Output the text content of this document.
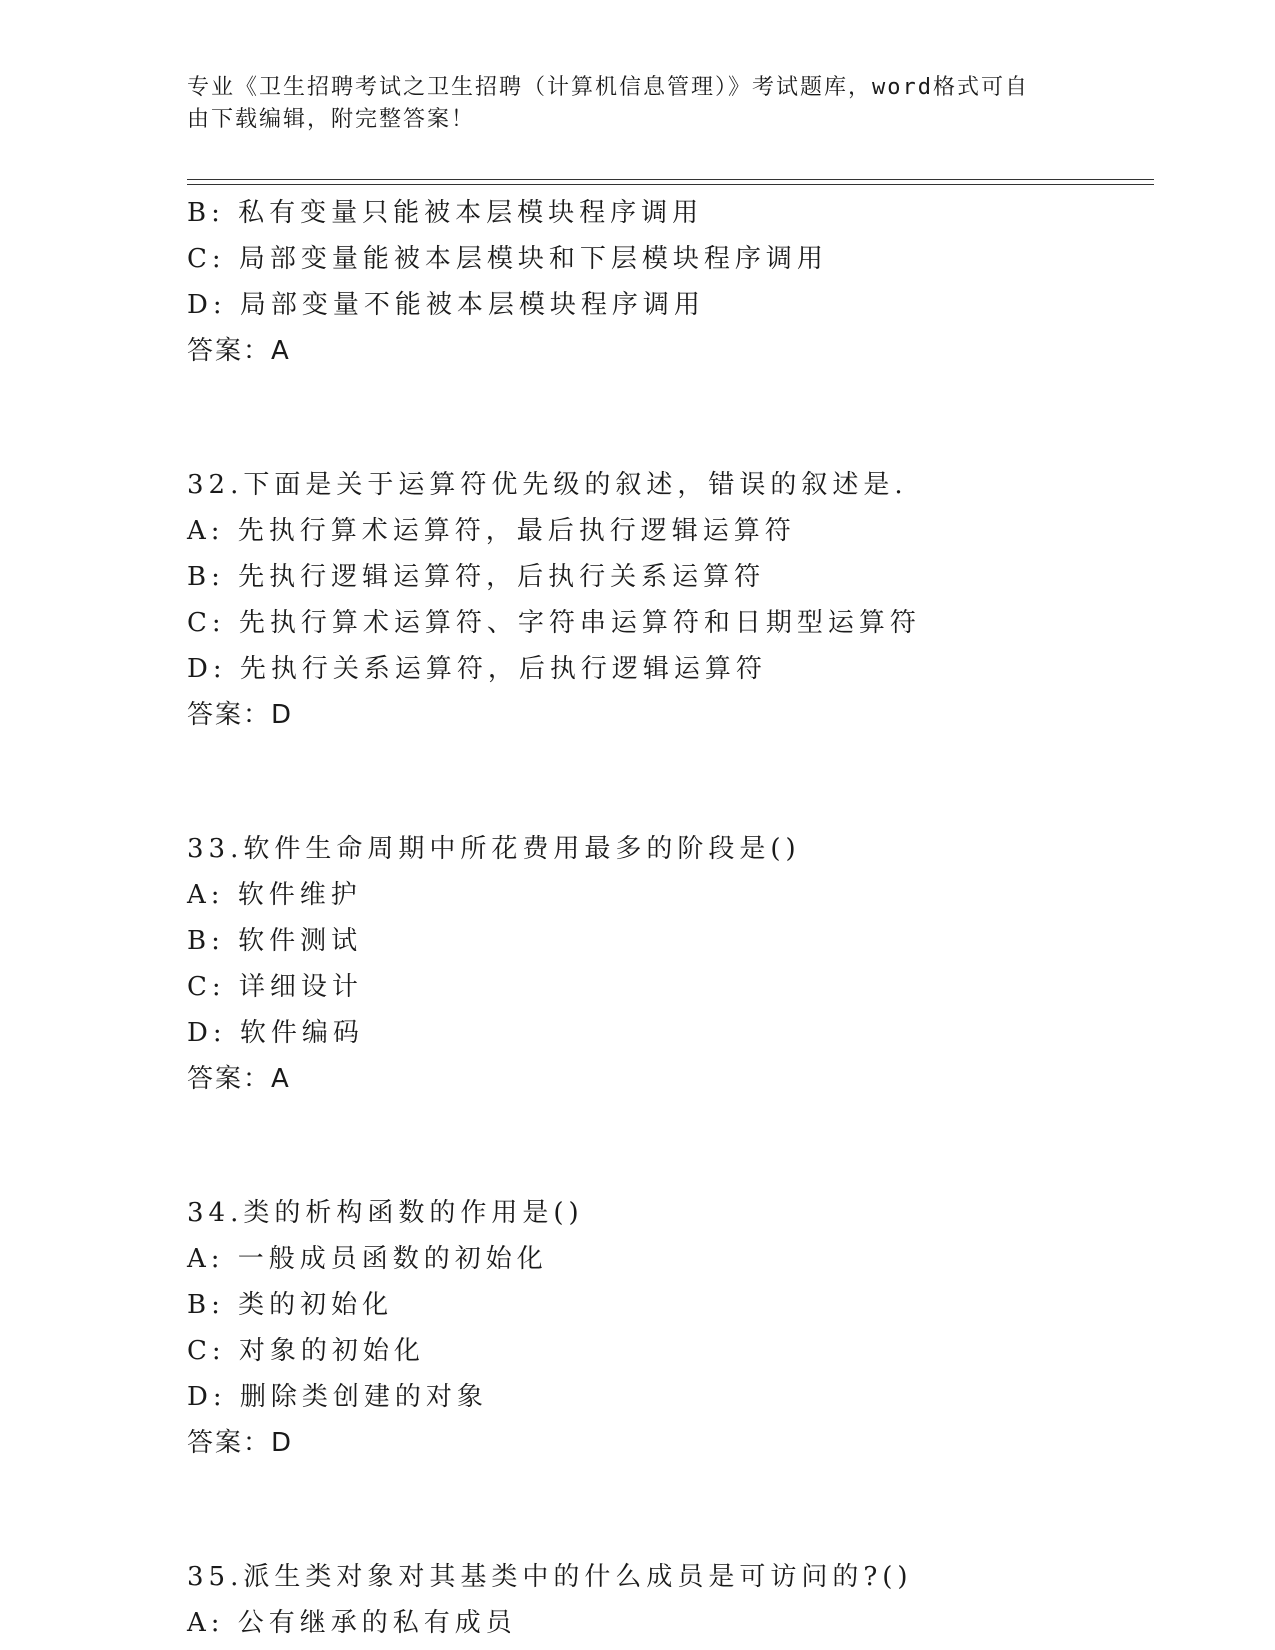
专业《卫生招聘考试之卫生招聘（计算机信息管理）》考试题库，word格式可自
由下载编辑，附完整答案！
B: 私有变量只能被本层模块程序调用
C: 局部变量能被本层模块和下层模块程序调用
D: 局部变量不能被本层模块程序调用
答案：A
32.下面是关于运算符优先级的叙述，错误的叙述是.
A: 先执行算术运算符，最后执行逻辑运算符
B: 先执行逻辑运算符，后执行关系运算符
C: 先执行算术运算符、字符串运算符和日期型运算符
D: 先执行关系运算符，后执行逻辑运算符
答案：D
33.软件生命周期中所花费用最多的阶段是()
A: 软件维护
B: 软件测试
C: 详细设计
D: 软件编码
答案：A
34.类的析构函数的作用是()
A: 一般成员函数的初始化
B: 类的初始化
C: 对象的初始化
D: 删除类创建的对象
答案：D
35.派生类对象对其基类中的什么成员是可访问的?()
A: 公有继承的私有成员
